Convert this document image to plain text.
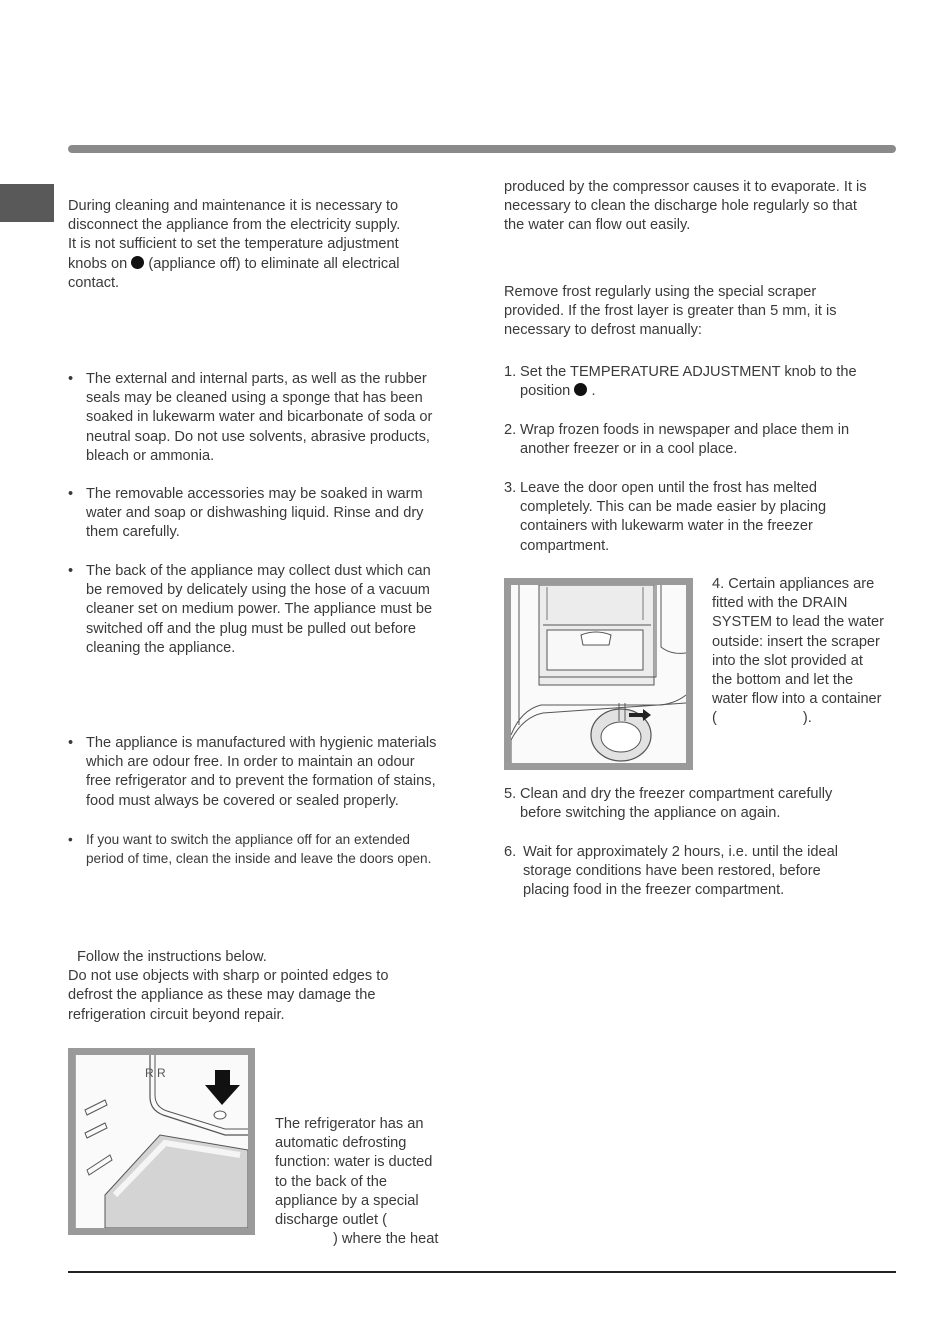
During cleaning and maintenance it is necessary to

disconnect the appliance from the electricity supply.

It is not sufficient to set the temperature adjustment

knobs on (appliance off) to eliminate all electrical

contact.

• The external and internal parts, as well as the rubber
seals may be cleaned using a sponge that has been
soaked in lukewarm water and bicarbonate of soda or
neutral soap. Do not use solvents, abrasive products,
bleach or ammonia.
• The removable accessories may be soaked in warm
water and soap or dishwashing liquid. Rinse and dry
them carefully.
• The back of the appliance may collect dust which can
be removed by delicately using the hose of a vacuum
cleaner set on medium power. The appliance must be
switched off and the plug must be pulled out before
cleaning the appliance.
• The appliance is manufactured with hygienic materials
which are odour free. In order to maintain an odour
free refrigerator and to prevent the formation of stains,
food must always be covered or sealed properly.
• If you want to switch the appliance off for an extended
period of time, clean the inside and leave the doors open.
Follow the instructions below.
Do not use objects with sharp or pointed edges to
defrost the appliance as these may damage the
refrigeration circuit beyond repair.
R R
The refrigerator has an
automatic defrosting
function: water is ducted
to the back of the
appliance by a special
discharge outlet (
) where the heat
produced by the compressor causes it to evaporate. It is
necessary to clean the discharge hole regularly so that
the water can flow out easily.
Remove frost regularly using the special scraper
provided. If the frost layer is greater than 5 mm, it is
necessary to defrost manually:
1. Set the TEMPERATURE ADJUSTMENT knob to the
position .
2. Wrap frozen foods in newspaper and place them in
another freezer or in a cool place.
3. Leave the door open until the frost has melted
completely. This can be made easier by placing
containers with lukewarm water in the freezer
compartment.
4. Certain appliances are
fitted with the DRAIN
SYSTEM to lead the water
outside: insert the scraper
into the slot provided at
the bottom and let the
water flow into a container
(	).
5. Clean and dry the freezer compartment carefully
before switching the appliance on again.
6. Wait for approximately 2 hours, i.e. until the ideal
storage conditions have been restored, before
placing food in the freezer compartment.
